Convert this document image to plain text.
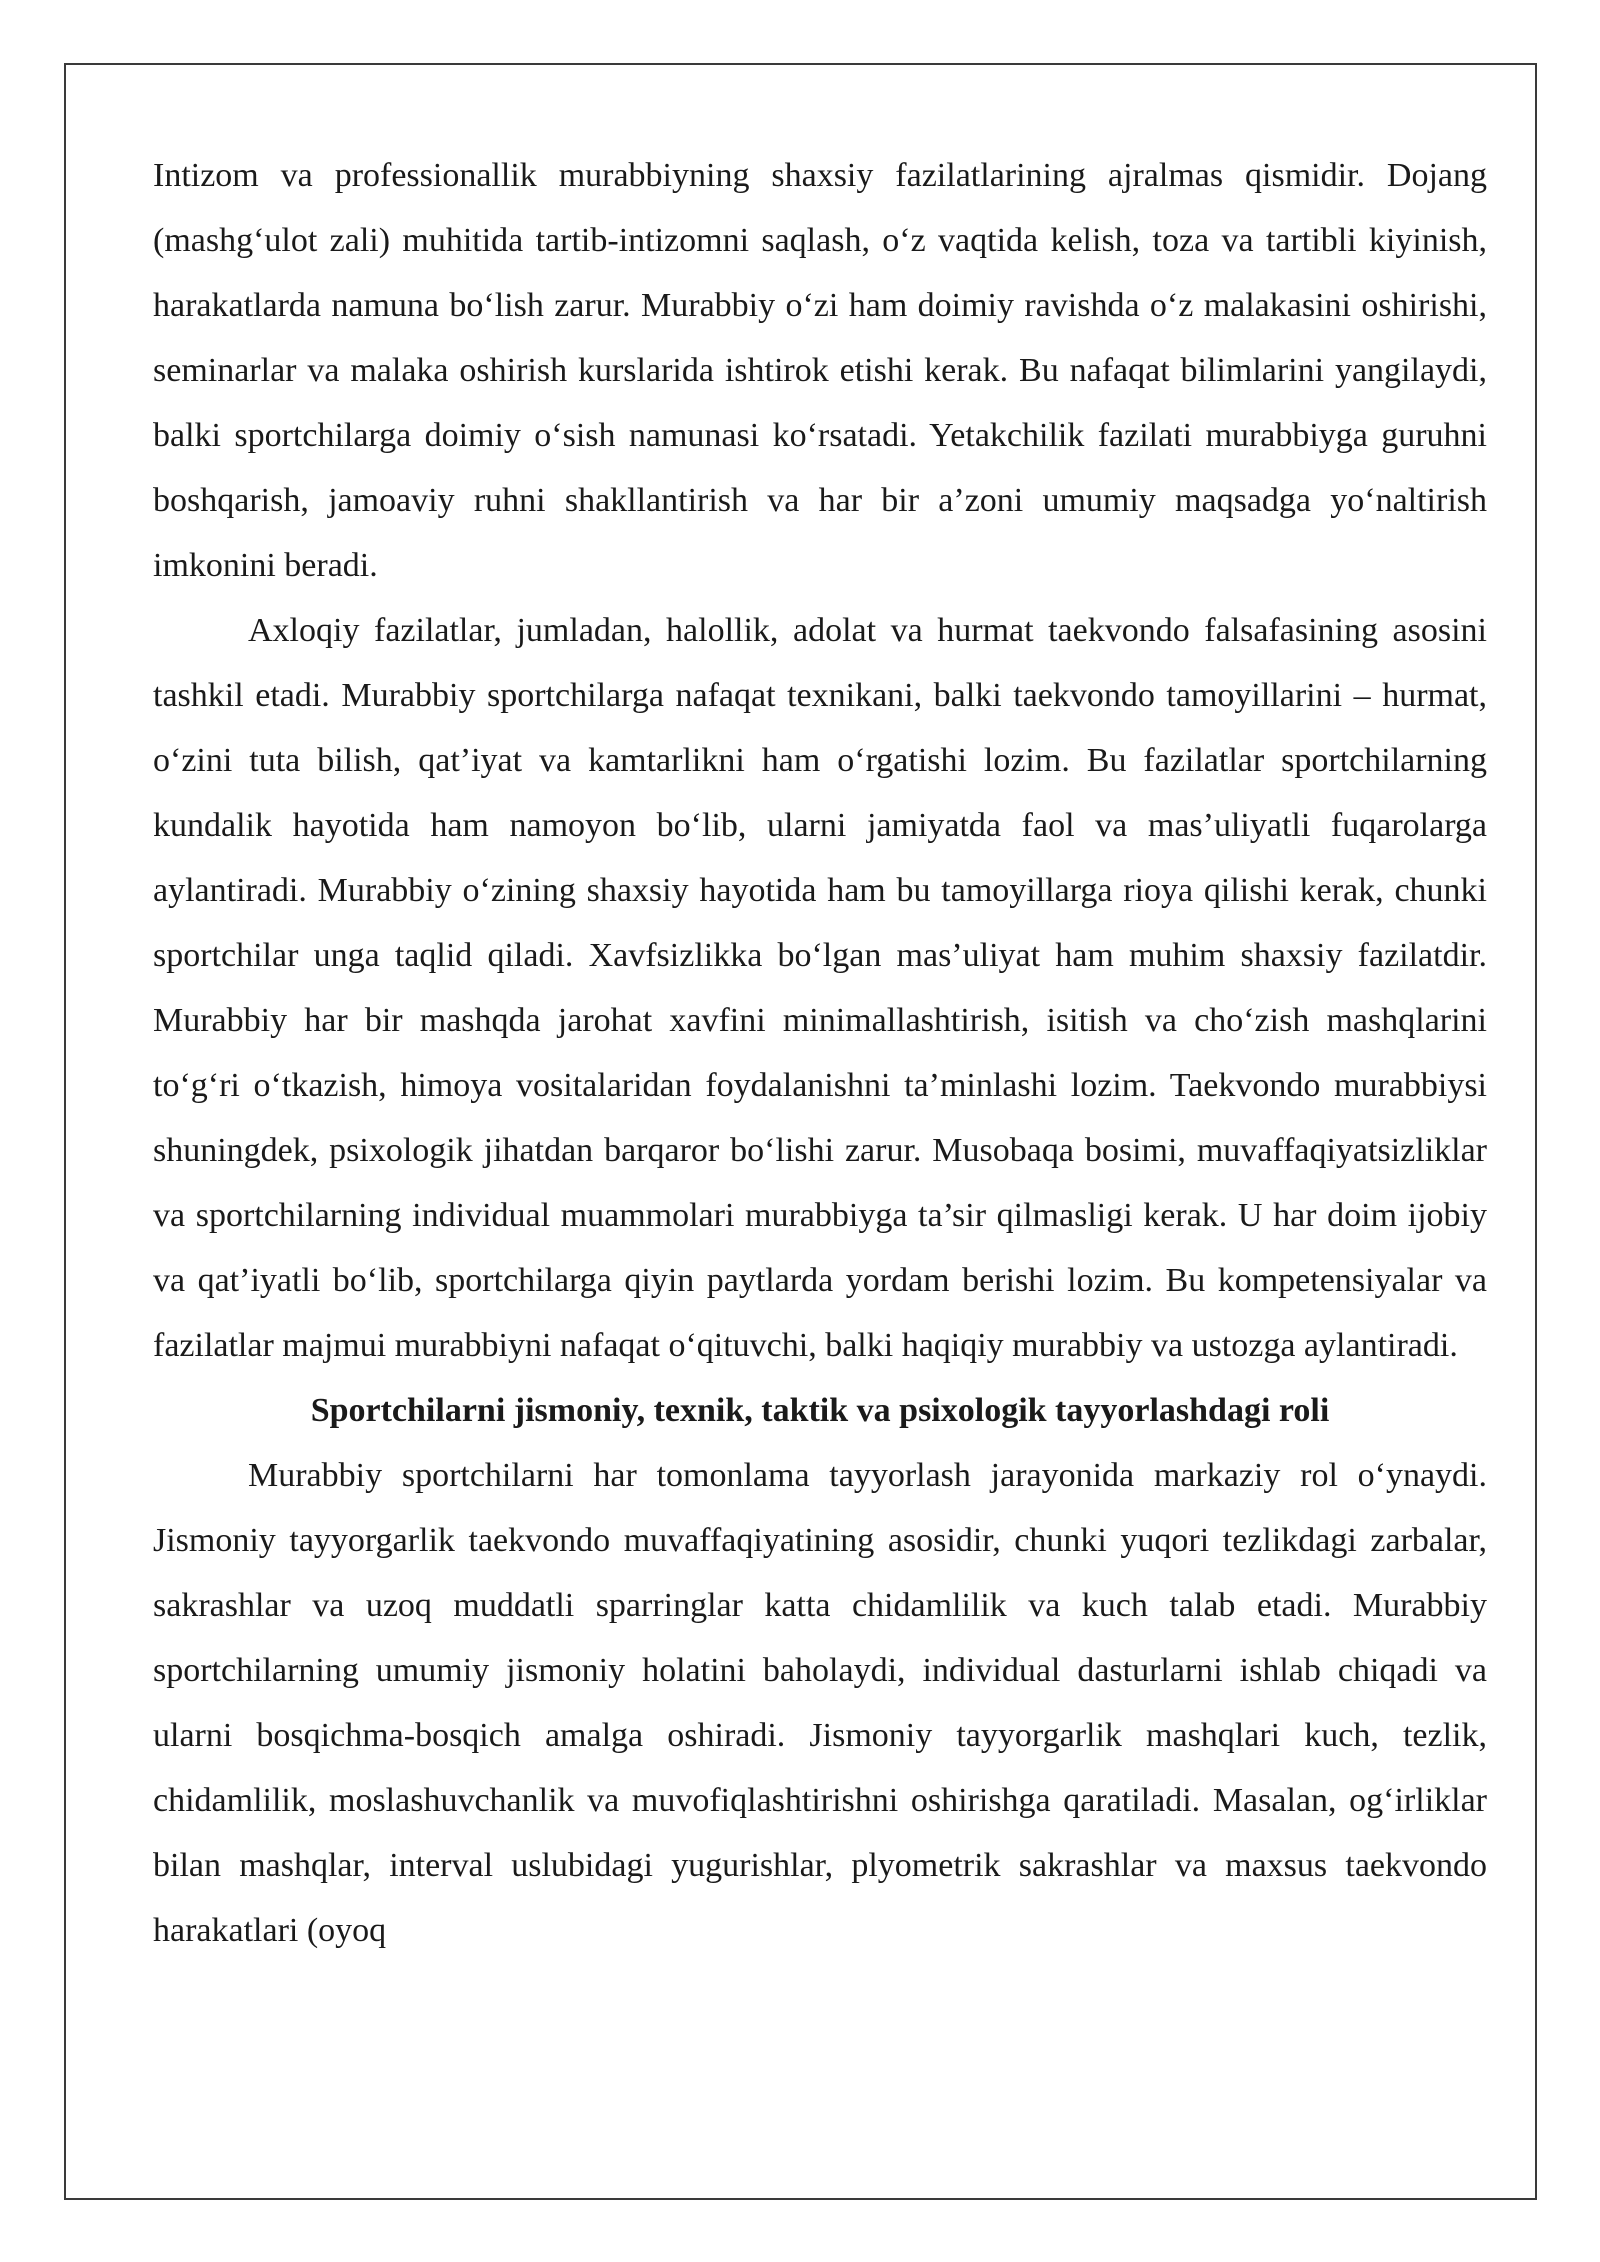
Intizom va professionallik murabbiyning shaxsiy fazilatlarining ajralmas qismidir. Dojang (mashg‘ulot zali) muhitida tartib-intizomni saqlash, o‘z vaqtida kelish, toza va tartibli kiyinish, harakatlarda namuna bo‘lish zarur. Murabbiy o‘zi ham doimiy ravishda o‘z malakasini oshirishi, seminarlar va malaka oshirish kurslarida ishtirok etishi kerak. Bu nafaqat bilimlarini yangilaydi, balki sportchilarga doimiy o‘sish namunasi ko‘rsatadi. Yetakchilik fazilati murabbiyga guruhni boshqarish, jamoaviy ruhni shakllantirish va har bir a’zoni umumiy maqsadga yo‘naltirish imkonini beradi.

Axloqiy fazilatlar, jumladan, halollik, adolat va hurmat taekvondo falsafasining asosini tashkil etadi. Murabbiy sportchilarga nafaqat texnikani, balki taekvondo tamoyillarini – hurmat, o‘zini tuta bilish, qat’iyat va kamtarlikni ham o‘rgatishi lozim. Bu fazilatlar sportchilarning kundalik hayotida ham namoyon bo‘lib, ularni jamiyatda faol va mas’uliyatli fuqarolarga aylantiradi. Murabbiy o‘zining shaxsiy hayotida ham bu tamoyillarga rioya qilishi kerak, chunki sportchilar unga taqlid qiladi. Xavfsizlikka bo‘lgan mas’uliyat ham muhim shaxsiy fazilatdir. Murabbiy har bir mashqda jarohat xavfini minimallashtirish, isitish va cho‘zish mashqlarini to‘g‘ri o‘tkazish, himoya vositalaridan foydalanishni ta’minlashi lozim. Taekvondo murabbiysi shuningdek, psixologik jihatdan barqaror bo‘lishi zarur. Musobaqa bosimi, muvaffaqiyatsizliklar va sportchilarning individual muammolari murabbiyga ta’sir qilmasligi kerak. U har doim ijobiy va qat’iyatli bo‘lib, sportchilarga qiyin paytlarda yordam berishi lozim. Bu kompetensiyalar va fazilatlar majmui murabbiyni nafaqat o‘qituvchi, balki haqiqiy murabbiy va ustozga aylantiradi.

Sportchilarni jismoniy, texnik, taktik va psixologik tayyorlashdagi roli

Murabbiy sportchilarni har tomonlama tayyorlash jarayonida markaziy rol o‘ynaydi. Jismoniy tayyorgarlik taekvondo muvaffaqiyatining asosidir, chunki yuqori tezlikdagi zarbalar, sakrashlar va uzoq muddatli sparringlar katta chidamlilik va kuch talab etadi. Murabbiy sportchilarning umumiy jismoniy holatini baholaydi, individual dasturlarni ishlab chiqadi va ularni bosqichma-bosqich amalga oshiradi. Jismoniy tayyorgarlik mashqlari kuch, tezlik, chidamlilik, moslashuvchanlik va muvofiqlashtirishni oshirishga qaratiladi. Masalan, og‘irliklar bilan mashqlar, interval uslubidagi yugurishlar, plyometrik sakrashlar va maxsus taekvondo harakatlari (oyoq
